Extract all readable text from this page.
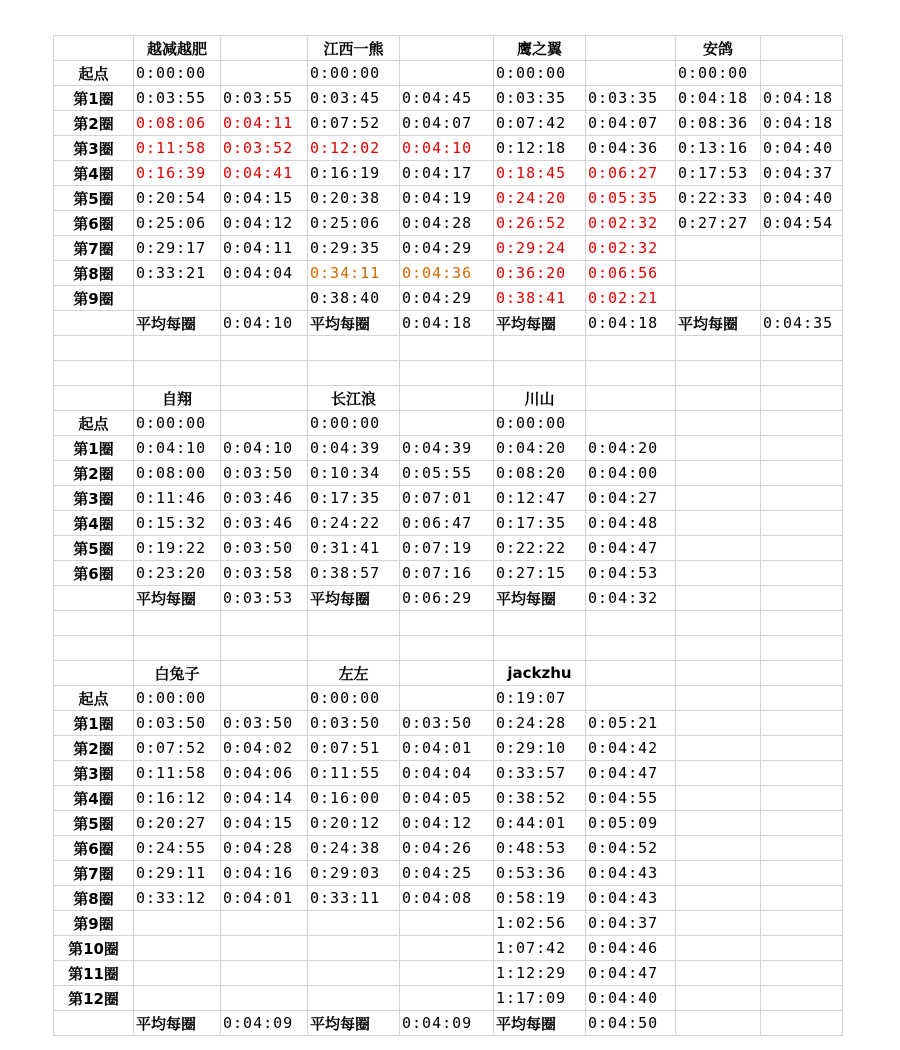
	越减越肥		江西一熊		鹰之翼		安鸽	
起点	0:00:00		0:00:00		0:00:00		0:00:00	
第1圈	0:03:55	0:03:55	0:03:45	0:04:45	0:03:35	0:03:35	0:04:18	0:04:18
第2圈	0:08:06	0:04:11	0:07:52	0:04:07	0:07:42	0:04:07	0:08:36	0:04:18
第3圈	0:11:58	0:03:52	0:12:02	0:04:10	0:12:18	0:04:36	0:13:16	0:04:40
第4圈	0:16:39	0:04:41	0:16:19	0:04:17	0:18:45	0:06:27	0:17:53	0:04:37
第5圈	0:20:54	0:04:15	0:20:38	0:04:19	0:24:20	0:05:35	0:22:33	0:04:40
第6圈	0:25:06	0:04:12	0:25:06	0:04:28	0:26:52	0:02:32	0:27:27	0:04:54
第7圈	0:29:17	0:04:11	0:29:35	0:04:29	0:29:24	0:02:32		
第8圈	0:33:21	0:04:04	0:34:11	0:04:36	0:36:20	0:06:56		
第9圈			0:38:40	0:04:29	0:38:41	0:02:21		
	平均每圈	0:04:10	平均每圈	0:04:18	平均每圈	0:04:18	平均每圈	0:04:35

	自翔		长江浪		川山			
起点	0:00:00		0:00:00		0:00:00			
第1圈	0:04:10	0:04:10	0:04:39	0:04:39	0:04:20	0:04:20		
第2圈	0:08:00	0:03:50	0:10:34	0:05:55	0:08:20	0:04:00		
第3圈	0:11:46	0:03:46	0:17:35	0:07:01	0:12:47	0:04:27		
第4圈	0:15:32	0:03:46	0:24:22	0:06:47	0:17:35	0:04:48		
第5圈	0:19:22	0:03:50	0:31:41	0:07:19	0:22:22	0:04:47		
第6圈	0:23:20	0:03:58	0:38:57	0:07:16	0:27:15	0:04:53		
	平均每圈	0:03:53	平均每圈	0:06:29	平均每圈	0:04:32		

	白兔子		左左		jackzhu			
起点	0:00:00		0:00:00		0:19:07			
第1圈	0:03:50	0:03:50	0:03:50	0:03:50	0:24:28	0:05:21		
第2圈	0:07:52	0:04:02	0:07:51	0:04:01	0:29:10	0:04:42		
第3圈	0:11:58	0:04:06	0:11:55	0:04:04	0:33:57	0:04:47		
第4圈	0:16:12	0:04:14	0:16:00	0:04:05	0:38:52	0:04:55		
第5圈	0:20:27	0:04:15	0:20:12	0:04:12	0:44:01	0:05:09		
第6圈	0:24:55	0:04:28	0:24:38	0:04:26	0:48:53	0:04:52		
第7圈	0:29:11	0:04:16	0:29:03	0:04:25	0:53:36	0:04:43		
第8圈	0:33:12	0:04:01	0:33:11	0:04:08	0:58:19	0:04:43		
第9圈					1:02:56	0:04:37		
第10圈					1:07:42	0:04:46		
第11圈					1:12:29	0:04:47		
第12圈					1:17:09	0:04:40		
	平均每圈	0:04:09	平均每圈	0:04:09	平均每圈	0:04:50		
